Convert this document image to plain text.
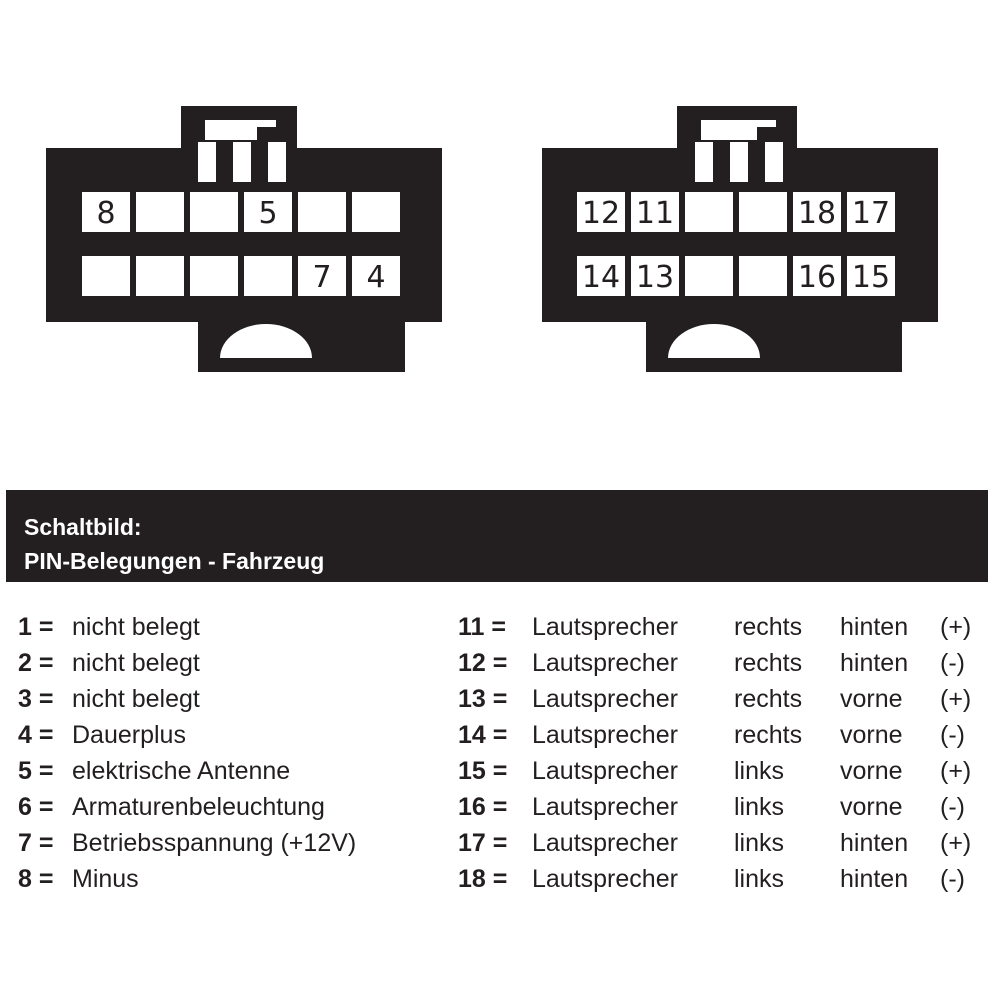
8	5
7 4
12 11	18 17
14 13	16 15
Schaltbild:
PIN-Belegungen - Fahrzeug
1 = nicht belegt
2 = nicht belegt
3 = nicht belegt
4 = Dauerplus
5 = elektrische Antenne
6 = Armaturenbeleuchtung
7 = Betriebsspannung (+12V)
8 = Minus
11 = Lautsprecher rechts hinten (+)
12 = Lautsprecher rechts hinten (-)
13 = Lautsprecher rechts vorne (+)
14 = Lautsprecher rechts vorne (-)
15 = Lautsprecher links vorne (+)
16 = Lautsprecher links vorne (-)
17 = Lautsprecher links hinten (+)
18 = Lautsprecher links hinten (-)
